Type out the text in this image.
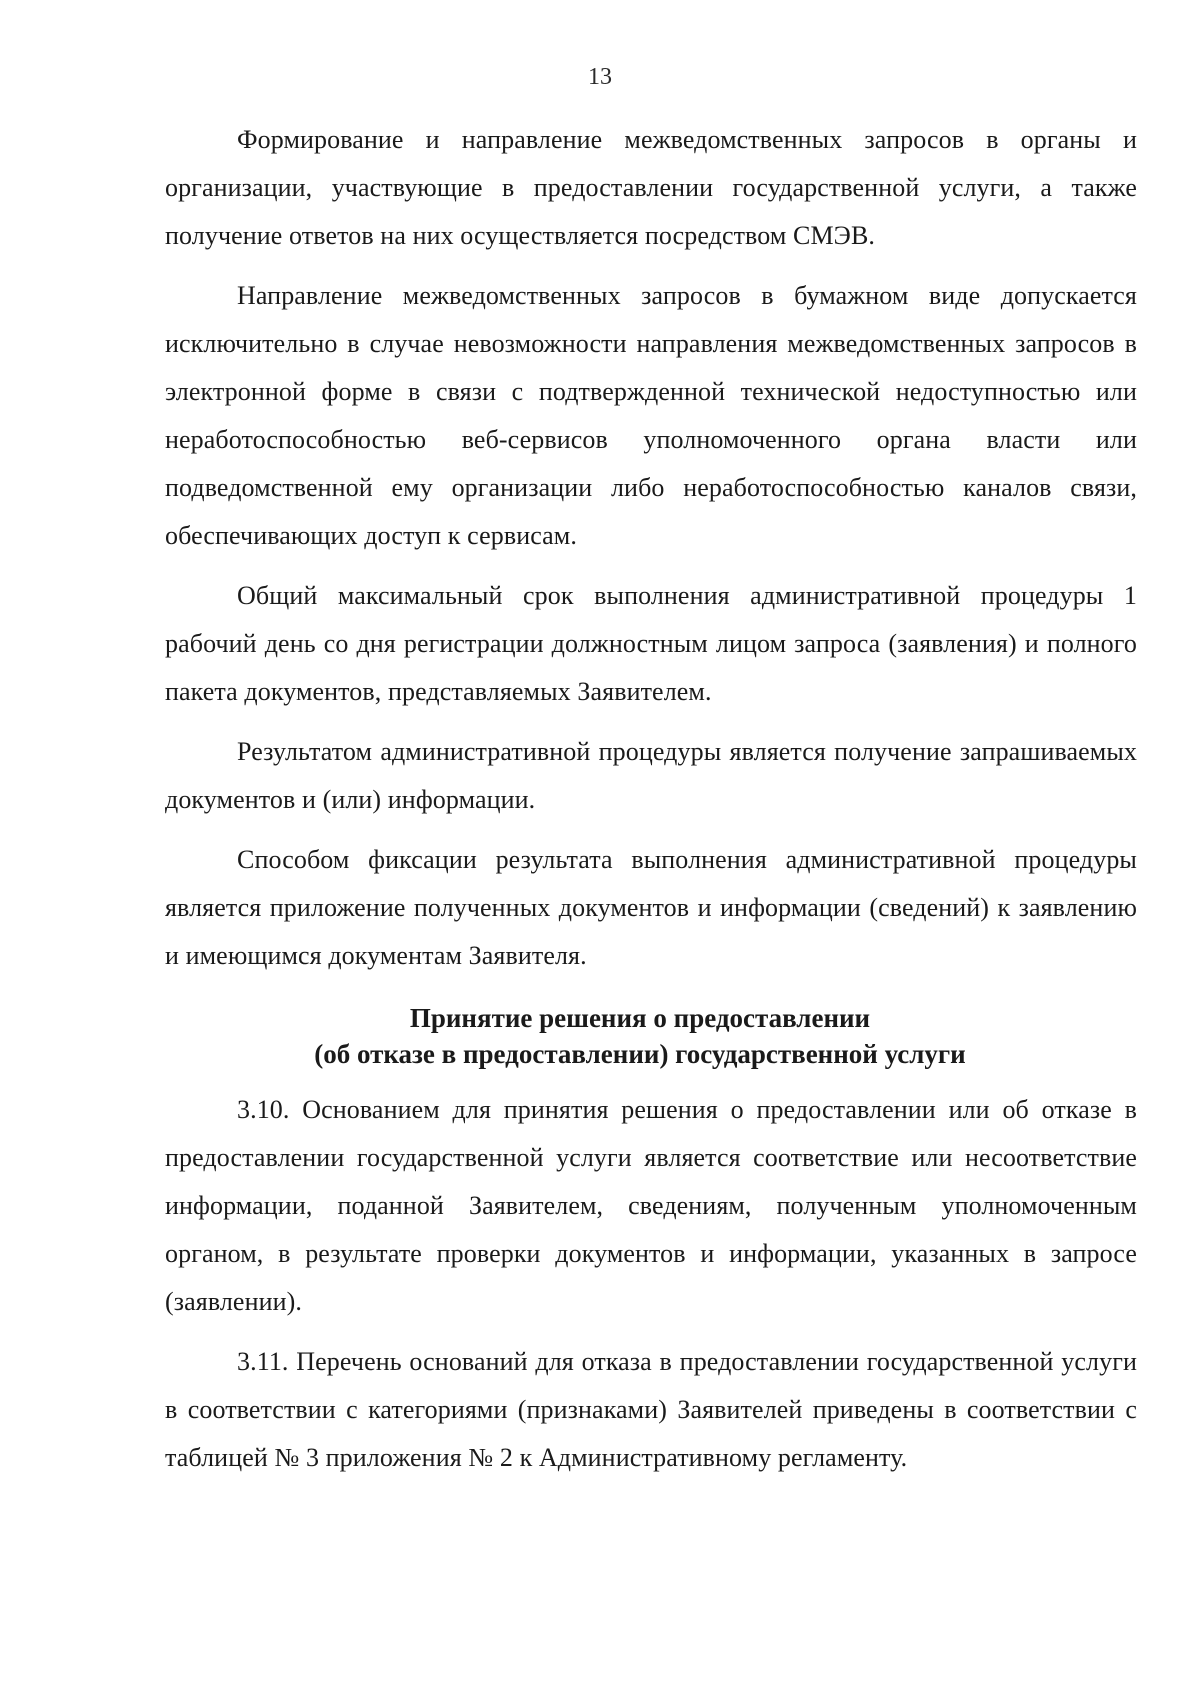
13

Формирование и направление межведомственных запросов в органы и организации, участвующие в предоставлении государственной услуги, а также получение ответов на них осуществляется посредством СМЭВ.

Направление межведомственных запросов в бумажном виде допускается исключительно в случае невозможности направления межведомственных запросов в электронной форме в связи с подтвержденной технической недоступностью или неработоспособностью веб-сервисов уполномоченного органа власти или подведомственной ему организации либо неработоспособностью каналов связи, обеспечивающих доступ к сервисам.

Общий максимальный срок выполнения административной процедуры 1 рабочий день со дня регистрации должностным лицом запроса (заявления) и полного пакета документов, представляемых Заявителем.

Результатом административной процедуры является получение запрашиваемых документов и (или) информации.

Способом фиксации результата выполнения административной процедуры является приложение полученных документов и информации (сведений) к заявлению и имеющимся документам Заявителя.

Принятие решения о предоставлении
(об отказе в предоставлении) государственной услуги

3.10. Основанием для принятия решения о предоставлении или об отказе в предоставлении государственной услуги является соответствие или несоответствие информации, поданной Заявителем, сведениям, полученным уполномоченным органом, в результате проверки документов и информации, указанных в запросе (заявлении).

3.11. Перечень оснований для отказа в предоставлении государственной услуги в соответствии с категориями (признаками) Заявителей приведены в соответствии с таблицей № 3 приложения № 2 к Административному регламенту.
